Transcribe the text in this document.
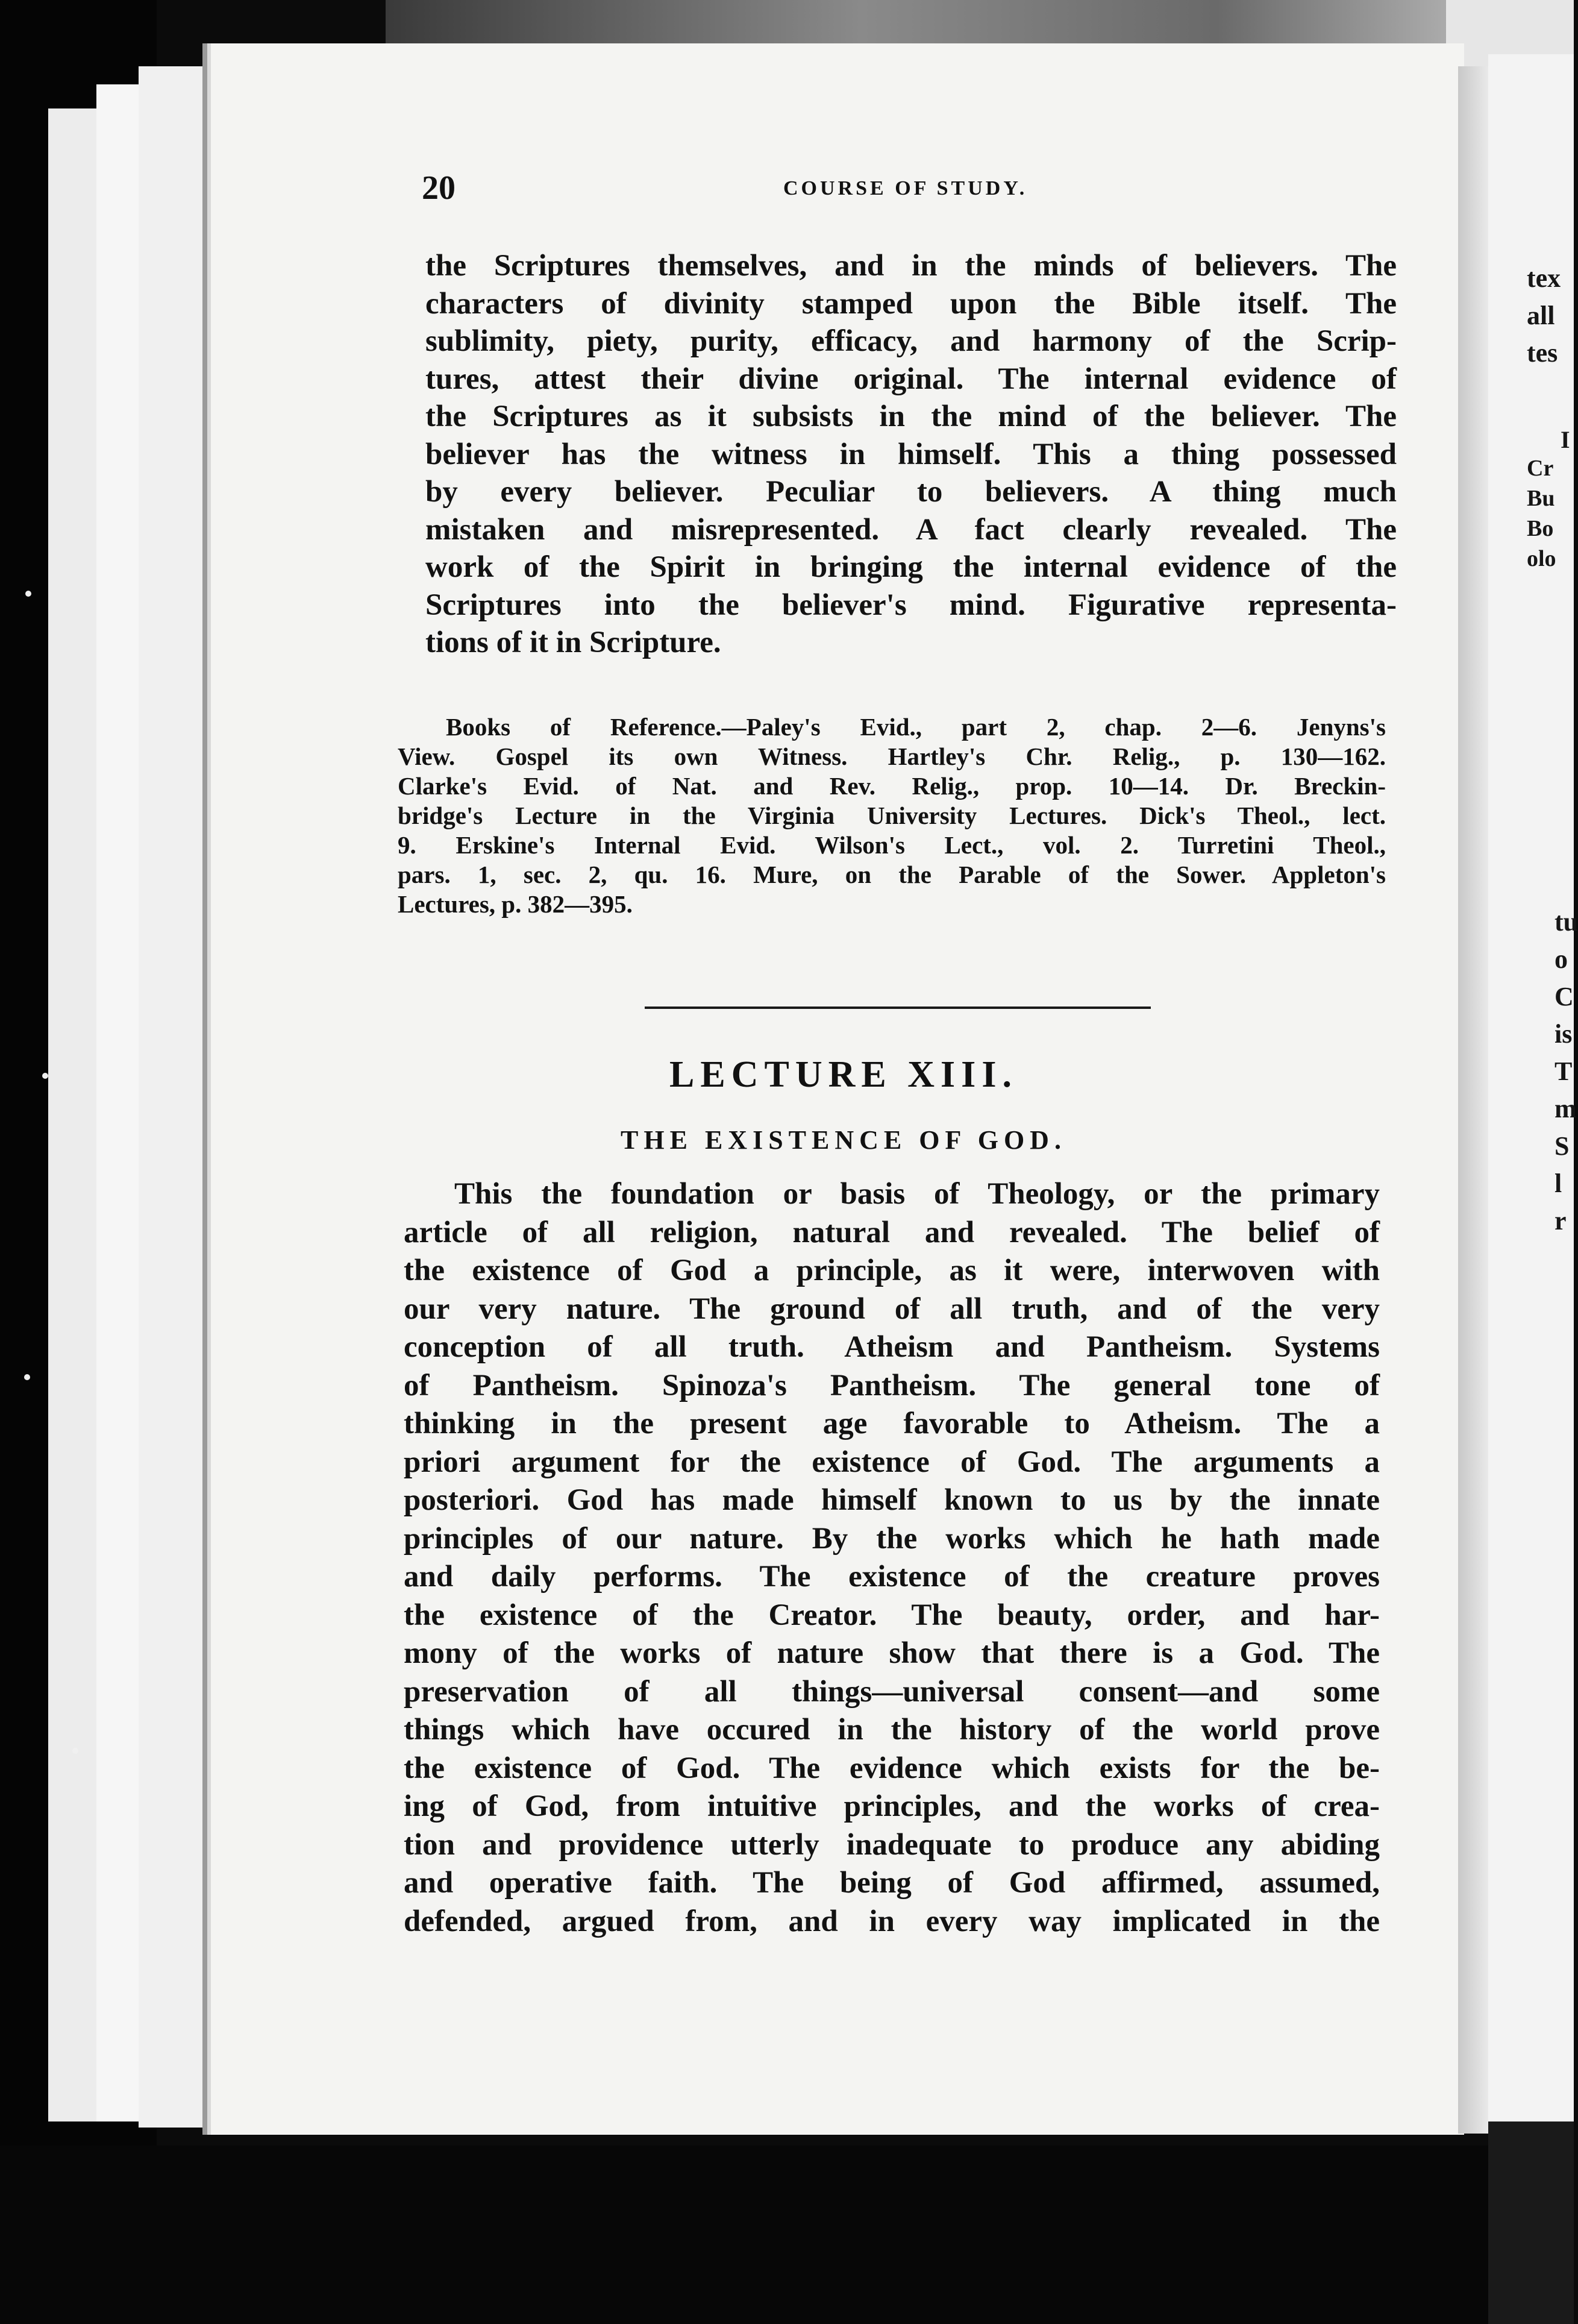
tex
all
tes
I
Cr
Bu
Bo
olo
tu
o
C
is
T
m
S
l
r
20	COURSE OF STUDY.
the Scriptures themselves, and in the minds of believers. The
characters of divinity stamped upon the Bible itself. The
sublimity, piety, purity, efficacy, and harmony of the Scrip-
tures, attest their divine original. The internal evidence of
the Scriptures as it subsists in the mind of the believer. The
believer has the witness in himself. This a thing possessed
by every believer. Peculiar to believers. A thing much
mistaken and misrepresented. A fact clearly revealed. The
work of the Spirit in bringing the internal evidence of the
Scriptures into the believer's mind. Figurative representa-
tions of it in Scripture.
Books of Reference.—Paley's Evid., part 2, chap. 2—6. Jenyns's
View. Gospel its own Witness. Hartley's Chr. Relig., p. 130—162.
Clarke's Evid. of Nat. and Rev. Relig., prop. 10—14. Dr. Breckin-
bridge's Lecture in the Virginia University Lectures. Dick's Theol., lect.
9. Erskine's Internal Evid. Wilson's Lect., vol. 2. Turretini Theol.,
pars. 1, sec. 2, qu. 16. Mure, on the Parable of the Sower. Appleton's
Lectures, p. 382—395.
LECTURE XIII.
THE EXISTENCE OF GOD.
This the foundation or basis of Theology, or the primary
article of all religion, natural and revealed. The belief of
the existence of God a principle, as it were, interwoven with
our very nature. The ground of all truth, and of the very
conception of all truth. Atheism and Pantheism. Systems
of Pantheism. Spinoza's Pantheism. The general tone of
thinking in the present age favorable to Atheism. The a
priori argument for the existence of God. The arguments a
posteriori. God has made himself known to us by the innate
principles of our nature. By the works which he hath made
and daily performs. The existence of the creature proves
the existence of the Creator. The beauty, order, and har-
mony of the works of nature show that there is a God. The
preservation of all things—universal consent—and some
things which have occured in the history of the world prove
the existence of God. The evidence which exists for the be-
ing of God, from intuitive principles, and the works of crea-
tion and providence utterly inadequate to produce any abiding
and operative faith. The being of God affirmed, assumed,
defended, argued from, and in every way implicated in the
